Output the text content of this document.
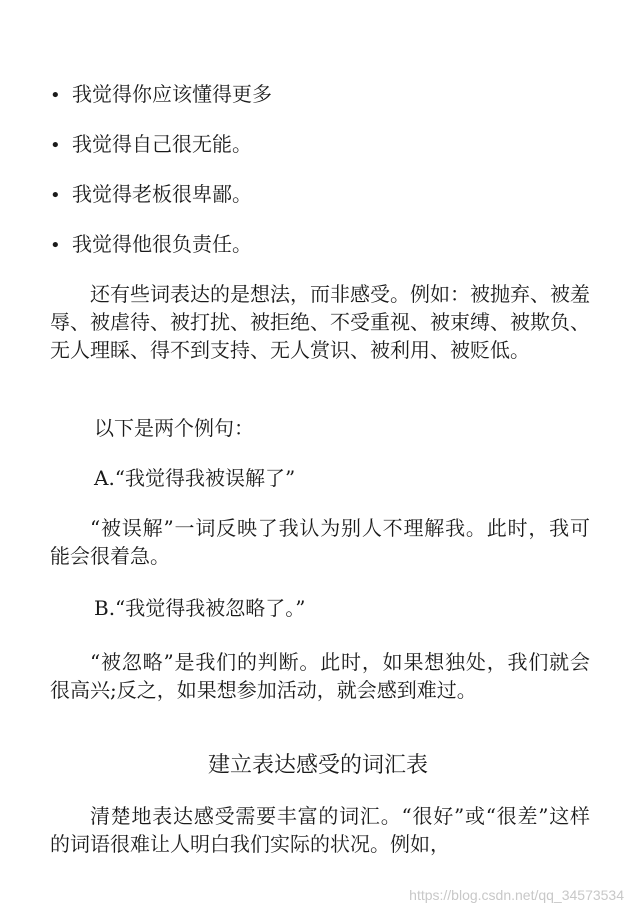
• 我觉得你应该懂得更多
• 我觉得自己很无能。
• 我觉得老板很卑鄙。
• 我觉得他很负责任。

还有些词表达的是想法，而非感受。例如：被抛弃、被羞辱、被虐待、被打扰、被拒绝、不受重视、被束缚、被欺负、无人理睬、得不到支持、无人赏识、被利用、被贬低。

以下是两个例句：
A.“我觉得我被误解了”

“被误解”一词反映了我认为别人不理解我。此时，我可能会很着急。

B.“我觉得我被忽略了。”

“被忽略”是我们的判断。此时，如果想独处，我们就会很高兴;反之，如果想参加活动，就会感到难过。

建立表达感受的词汇表

清楚地表达感受需要丰富的词汇。“很好”或“很差”这样的词语很难让人明白我们实际的状况。例如，

https://blog.csdn.net/qq_34573534
